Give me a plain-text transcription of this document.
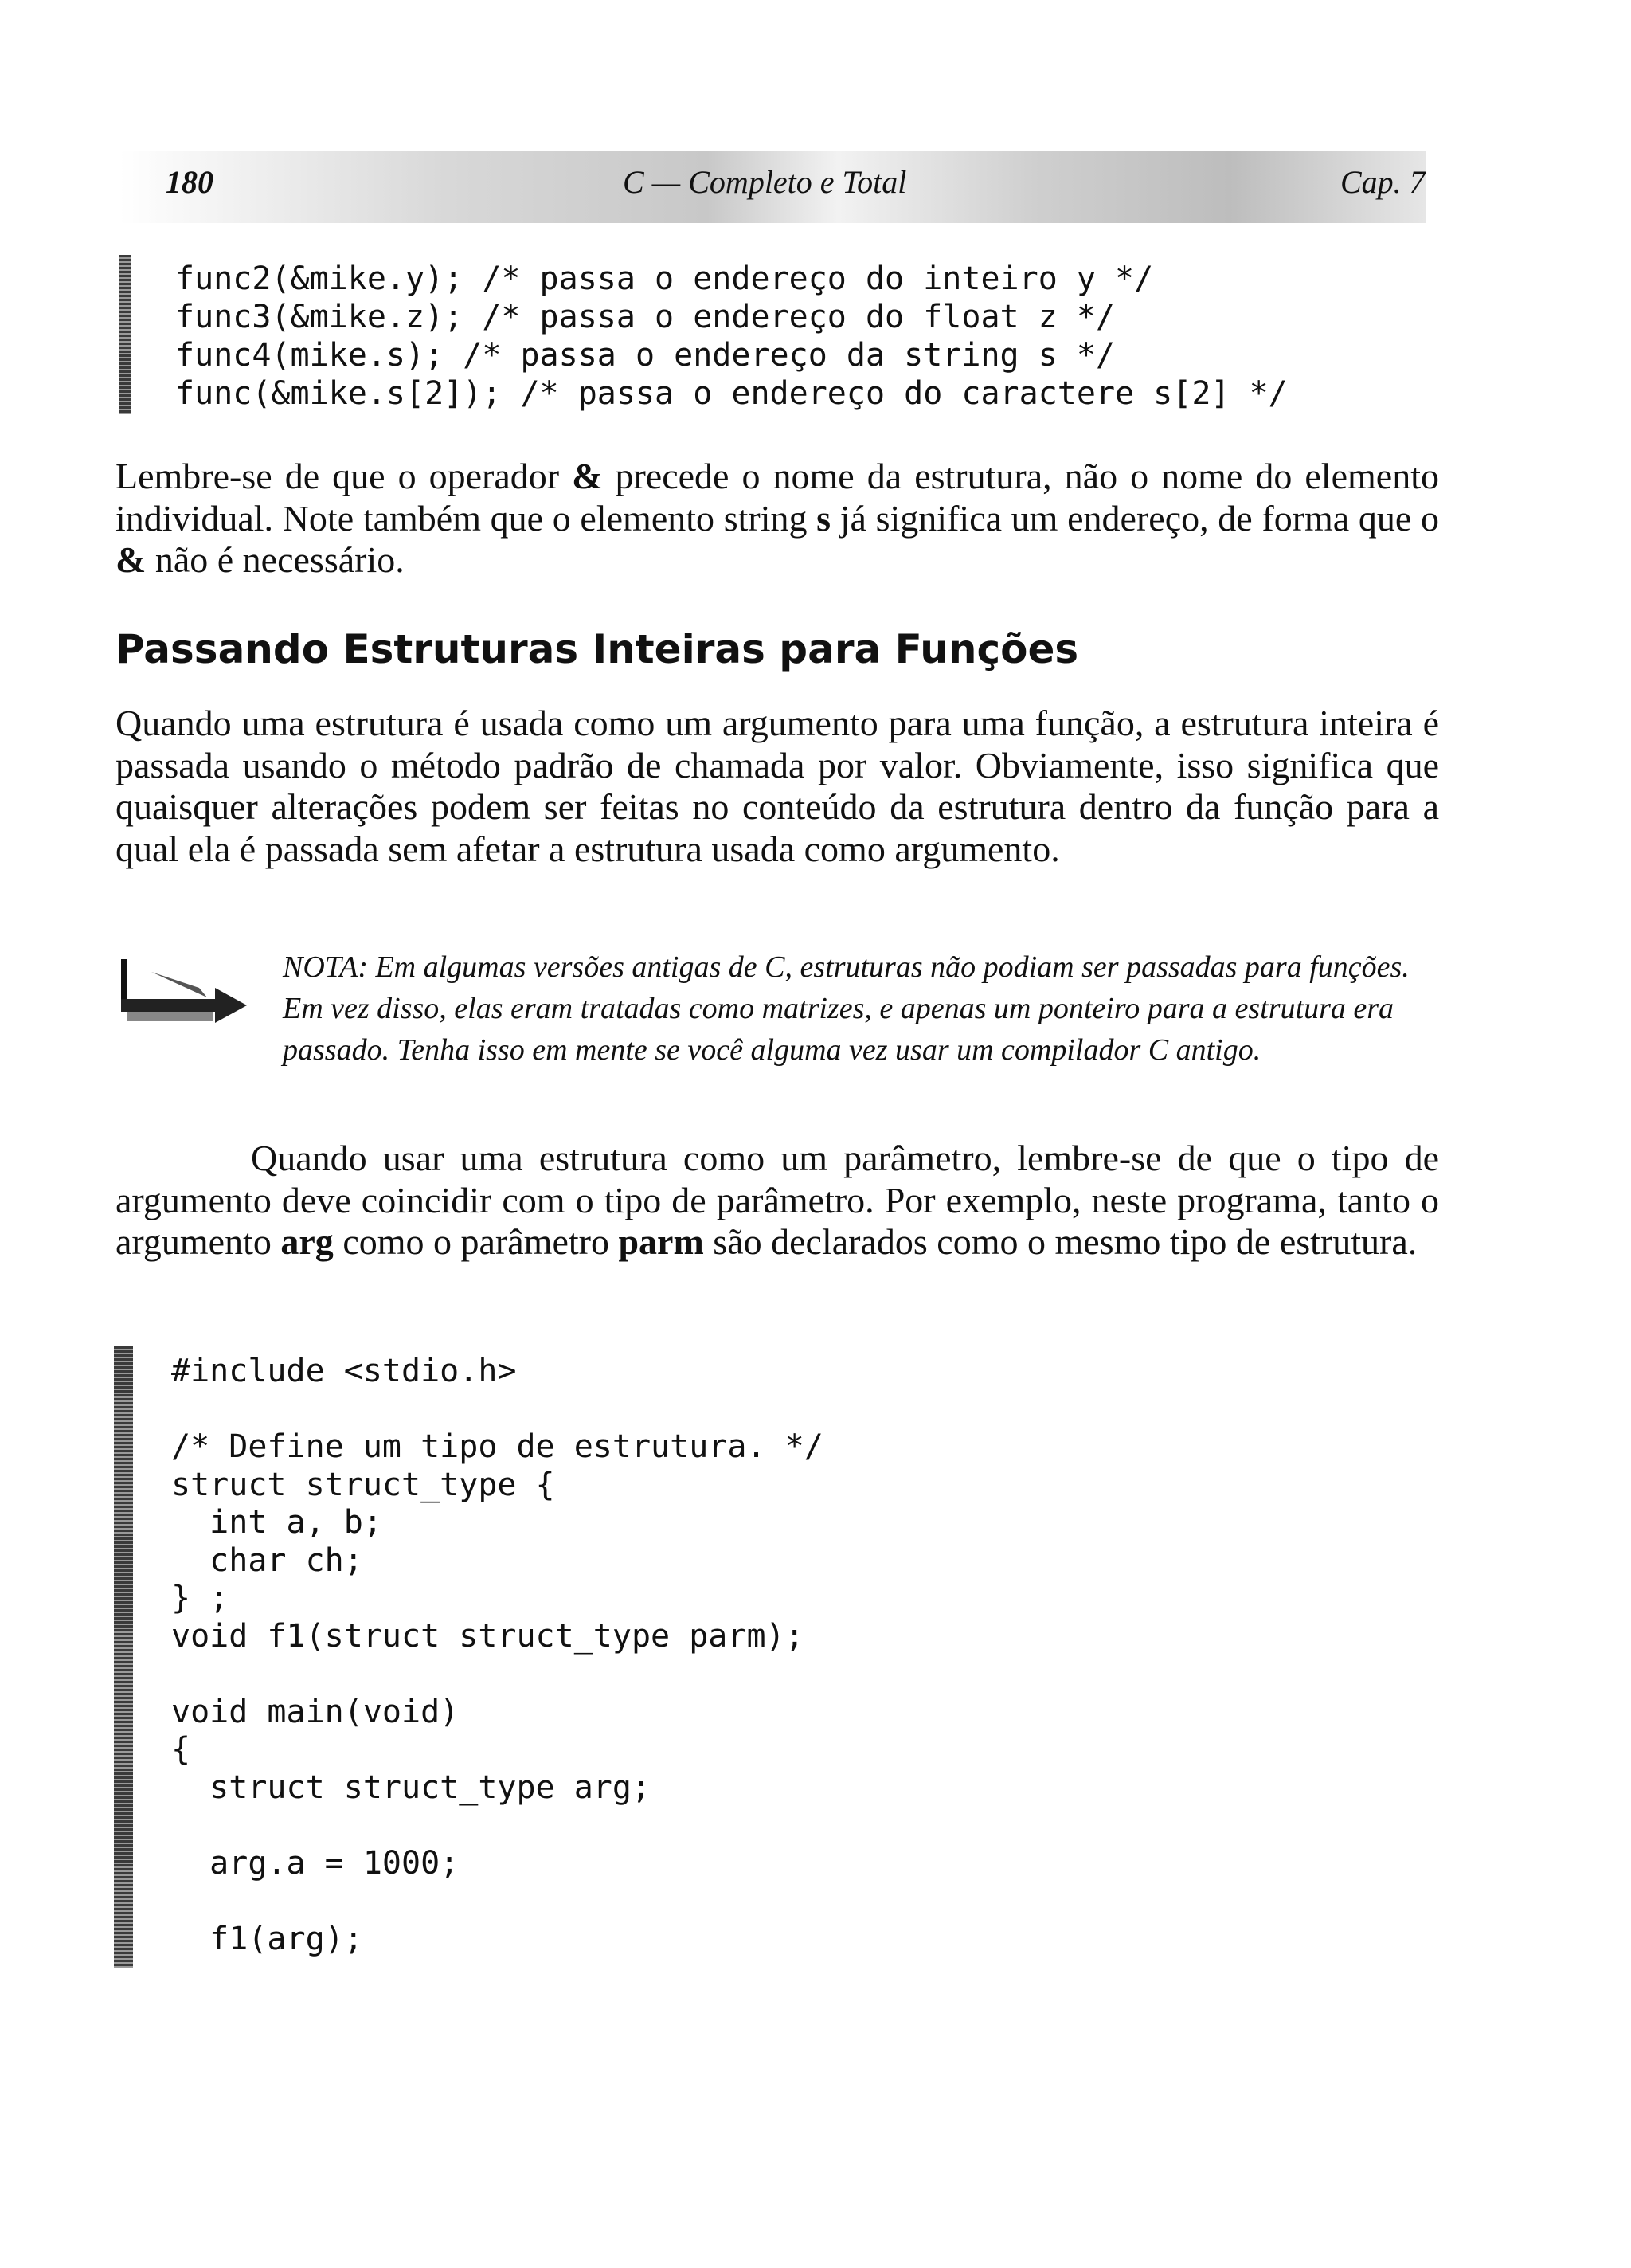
180	C — Completo e Total	Cap. 7
func2(&mike.y); /* passa o endereço do inteiro y */
func3(&mike.z); /* passa o endereço do float z */
func4(mike.s); /* passa o endereço da string s */
func(&mike.s[2]); /* passa o endereço do caractere s[2] */

Lembre-se de que o operador & precede o nome da estrutura, não o nome do elemento individual. Note também que o elemento string s já significa um endereço, de forma que o & não é necessário.

Passando Estruturas Inteiras para Funções

Quando uma estrutura é usada como um argumento para uma função, a estrutura inteira é passada usando o método padrão de chamada por valor. Obviamente, isso significa que quaisquer alterações podem ser feitas no conteúdo da estrutura dentro da função para a qual ela é passada sem afetar a estrutura usada como argumento.

NOTA: Em algumas versões antigas de C, estruturas não podiam ser passadas para funções. Em vez disso, elas eram tratadas como matrizes, e apenas um ponteiro para a estrutura era passado. Tenha isso em mente se você alguma vez usar um compilador C antigo.

Quando usar uma estrutura como um parâmetro, lembre-se de que o tipo de argumento deve coincidir com o tipo de parâmetro. Por exemplo, neste programa, tanto o argumento arg como o parâmetro parm são declarados como o mesmo tipo de estrutura.

#include <stdio.h>

/* Define um tipo de estrutura. */
struct struct_type {
int a, b;
char ch;
} ;
void f1(struct struct_type parm);

void main(void)
{
struct struct_type arg;

arg.a = 1000;

f1(arg);
